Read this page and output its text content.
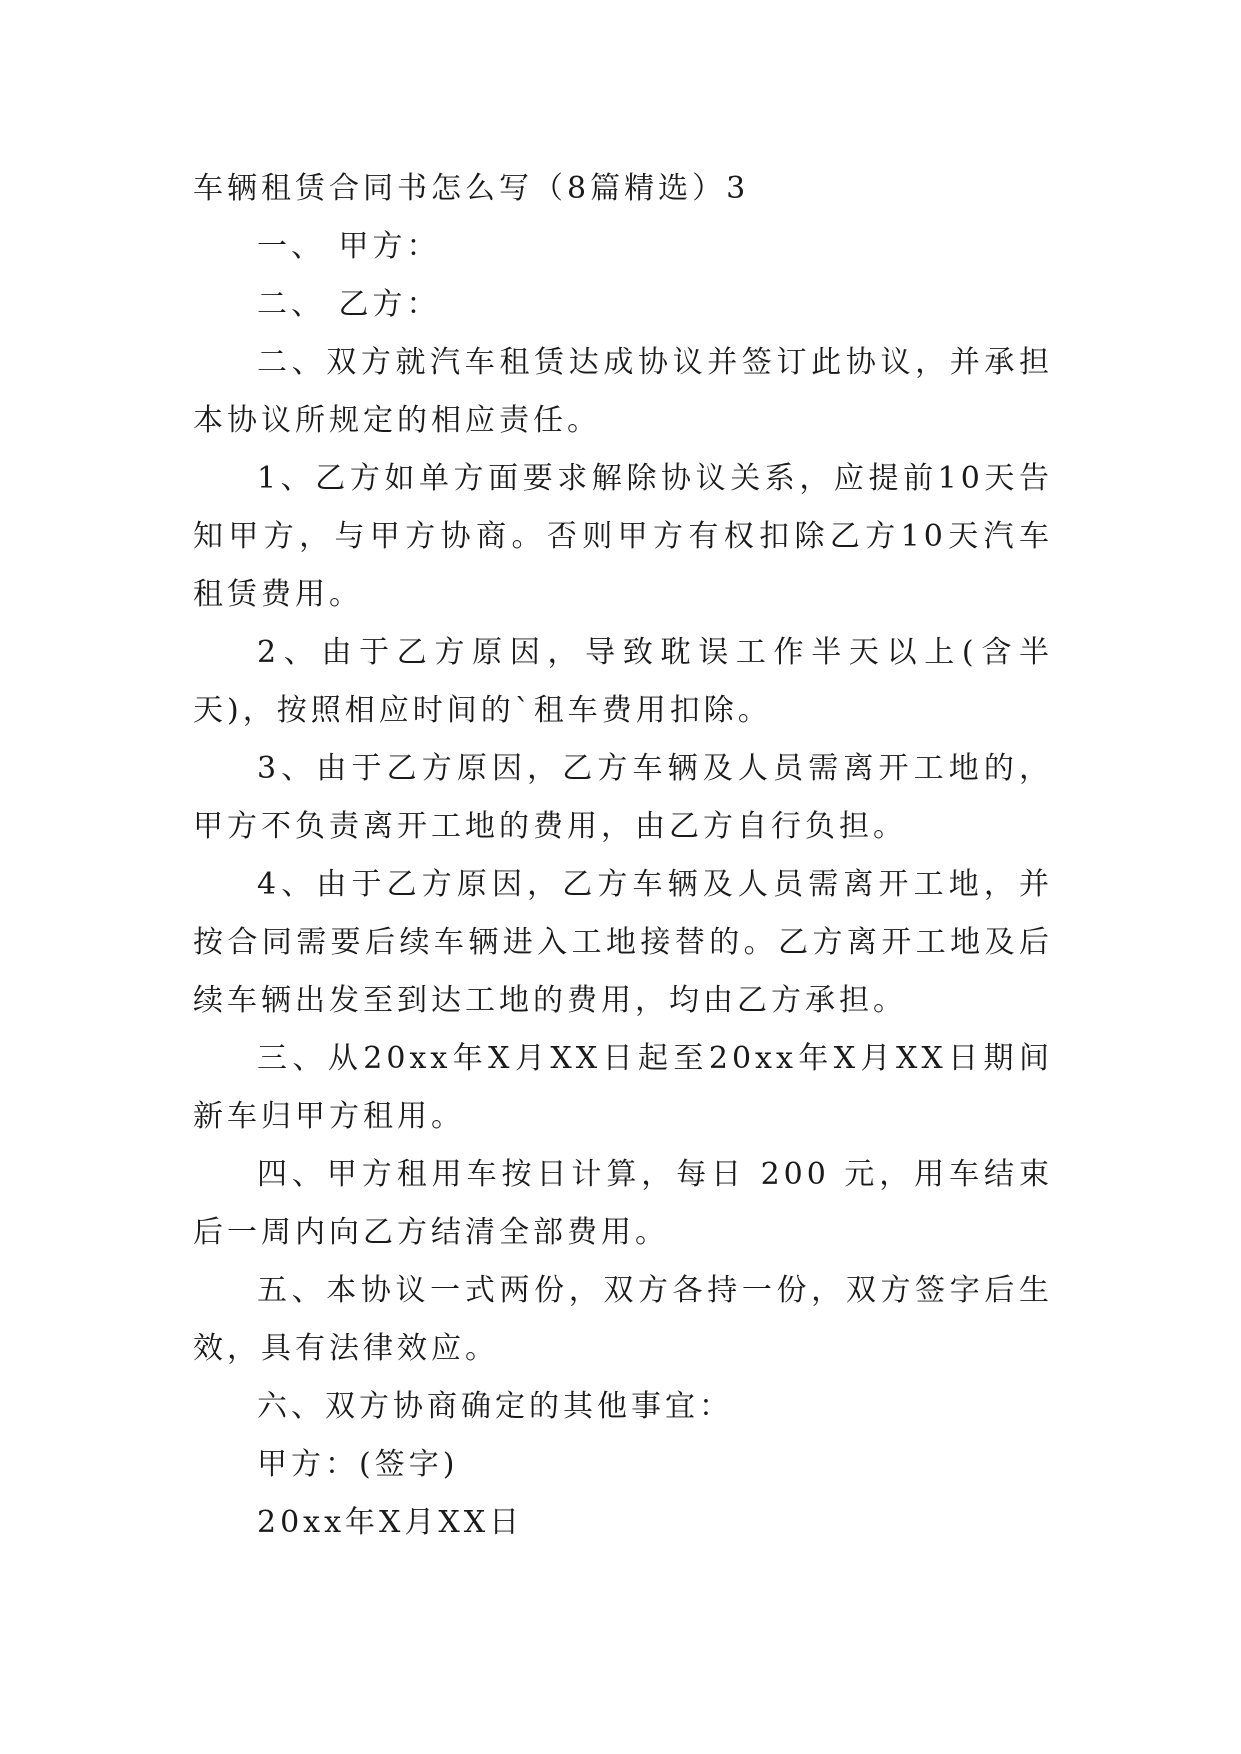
车辆租赁合同书怎么写（8篇精选）3

一、 甲方：

二、 乙方：

二、双方就汽车租赁达成协议并签订此协议，并承担本协议所规定的相应责任。

1、乙方如单方面要求解除协议关系，应提前10天告知甲方，与甲方协商。否则甲方有权扣除乙方10天汽车租赁费用。

2、由于乙方原因，导致耽误工作半天以上(含半天)，按照相应时间的`租车费用扣除。

3、由于乙方原因，乙方车辆及人员需离开工地的，甲方不负责离开工地的费用，由乙方自行负担。

4、由于乙方原因，乙方车辆及人员需离开工地，并按合同需要后续车辆进入工地接替的。乙方离开工地及后续车辆出发至到达工地的费用，均由乙方承担。

三、从20xx年X月XX日起至20xx年X月XX日期间新车归甲方租用。

四、甲方租用车按日计算，每日 200 元，用车结束后一周内向乙方结清全部费用。

五、本协议一式两份，双方各持一份，双方签字后生效，具有法律效应。

六、双方协商确定的其他事宜：

甲方：(签字)

20xx年X月XX日
